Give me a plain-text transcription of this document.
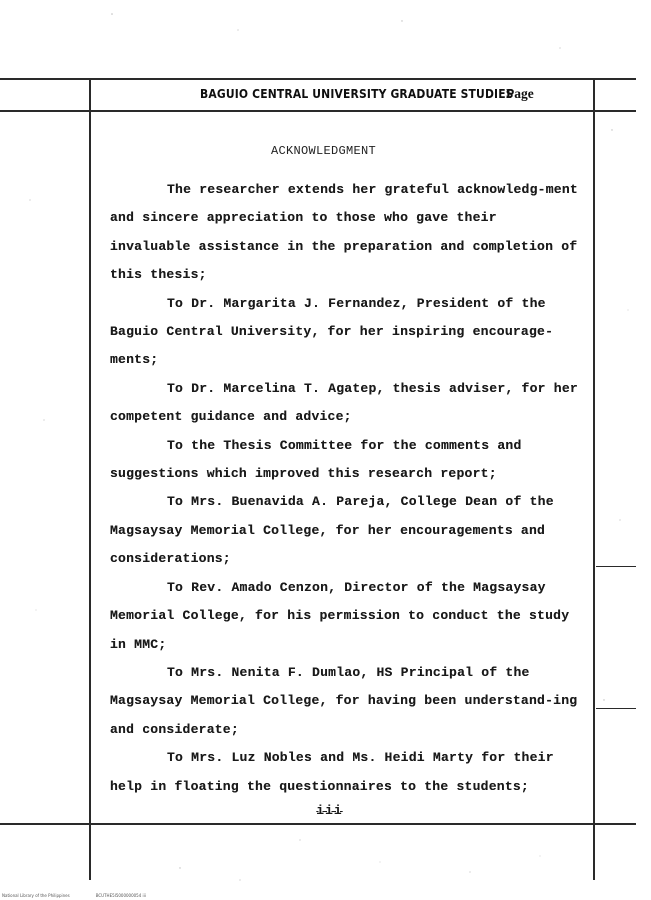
BAGUIO CENTRAL UNIVERSITY GRADUATE STUDIES
Page
ACKNOWLEDGMENT

The researcher extends her grateful acknowledg-ment and sincere appreciation to those who gave their invaluable assistance in the preparation and completion of this thesis;

To Dr. Margarita J. Fernandez, President of the Baguio Central University, for her inspiring encourage-ments;

To Dr. Marcelina T. Agatep, thesis adviser, for her competent guidance and advice;

To the Thesis Committee for the comments and suggestions which improved this research report;

To Mrs. Buenavida A. Pareja, College Dean of the Magsaysay Memorial College, for her encouragements and considerations;

To Rev. Amado Cenzon, Director of the Magsaysay Memorial College, for his permission to conduct the study in MMC;

To Mrs. Nenita F. Dumlao, HS Principal of the Magsaysay Memorial College, for having been understand-ing and considerate;

To Mrs. Luz Nobles and Ms. Heidi Marty for their help in floating the questionnaires to the students;

iii
National Library of the Philippines	BCUTHE5I5000000054 iii
